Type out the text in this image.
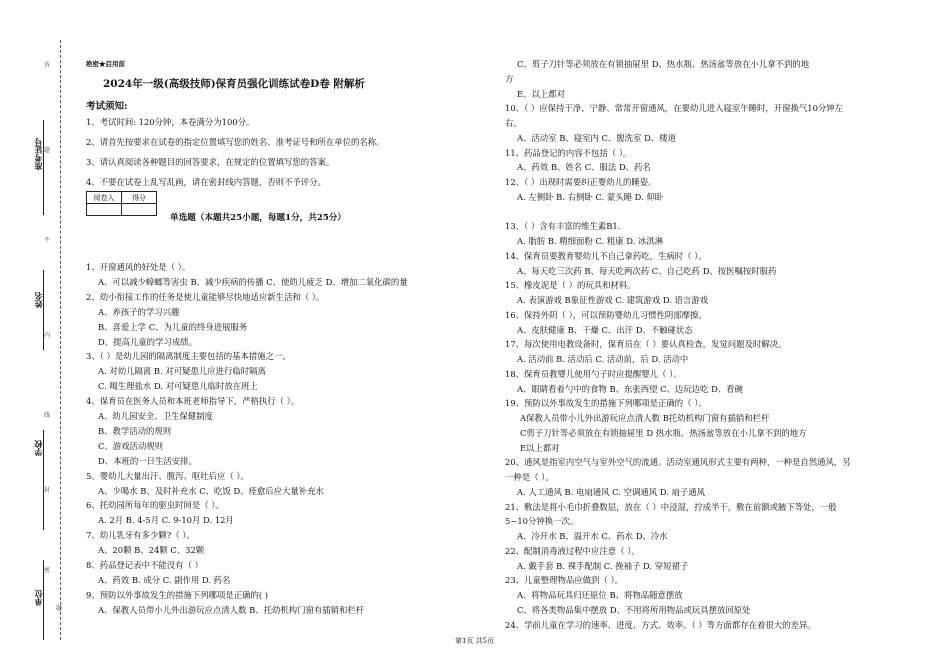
准考证号
姓名
学校
单位
答
题
不
内
线
封
密
题
绝密★启用前
2024年一级(高级技师)保育员强化训练试卷D卷 附解析
考试须知:
1、考试时间: 120分钟，本卷满分为100分。
2、请首先按要求在试卷的指定位置填写您的姓名、准考证号和所在单位的名称。
3、请认真阅读各种题目的回答要求，在规定的位置填写您的答案。
4、不要在试卷上乱写乱画，请在密封线内答题，否则不予评分。
阅卷人	得分

单选题（本题共25小题，每题1分，共25分）
1、开窗通风的好处是（ ）。
A、可以减少蟑螂等害虫 B、减少疾病的传播 C、使幼儿疲乏 D、增加二氧化碳的量
2、幼小衔接工作的任务是使儿童能够尽快地适应新生活和（ ）。
A、养孩子的学习兴趣
B、喜爱上学 C、为儿童的终身进展服务
D、提高儿童的学习成绩。
3、（ ）是幼儿园的隔离制度主要包括的基本措施之一。
A. 对幼儿隔离 B. 对可疑患儿应进行临时隔离
C. 喝生理盐水 D. 对可疑患儿临时放在班上
4、保育员在医务人员和本班老师指导下，严格执行（ ）。
A、幼儿园安全、卫生保健制度
B、教学活动的规则
C、游戏活动规则
D、本班的一日生活安排。
5、婴幼儿大量出汗、腹泻、呕吐后应（ ）。
A、少喝水 B、及时补充水 C、吃饭 D、痊愈后应大量补充水
6、托幼园所每年的驱虫时间是（ ）。
A. 2月 B. 4-5月 C. 9-10月 D. 12月
7、幼儿乳牙有多少颗?（ ）。
A、20颗 B、24颗 C、32颗
8、药品登记表中不能没有（ ）
A、药效 B. 成分 C. 副作用 D. 药名
9、预防以外事故发生的措施下列哪项是正确的( )
A、保教人员带小儿外出游玩应点清人数 B、托幼机构门窗有插销和栏杆
C、剪子刀针等必须放在有锁抽屉里 D、热水瓶、热汤盆等放在小儿拿不到的地
方
E、以上都对
10、（ ）应保持干净、宁静、常常开窗通风，在要幼儿进入寝室午睡时，开窗换气10分钟左
右。
A、活动室 B、寝室内 C、盥洗室 D、楼道
11、药品登记的内容不包括（ ）。
A、药效 B、姓名 C、服法 D、药名
12、（ ）出现时需要纠正婴幼儿的睡姿。
A. 左侧卧 B. 右侧卧 C. 蒙头睡 D. 仰卧
13、（ ）含有丰富的维生素B1.
A. 脂肪 B. 精细面粉 C. 粗康 D. 冰淇淋
14、保育员要教育婴幼儿不自己拿药吃，生病时（ ）。
A、每天吃三次药 B、每天吃两次药 C、自己吃药 D、按医嘱按时服药
15、橡皮泥是（ ）的玩具和材料。
A. 表演游戏 B象征性游戏 C. 建筑游戏 D. 语言游戏
16、保持外阴（ ），可以预防婴幼儿习惯性阴部摩擦。
A、皮肤健康 B、干燥 C、出汗 D、不触碰状态
17、每次使用电教设备时，保育员在（ ）要认真检查，发觉问题及时解决。
A. 活动前 B. 活动后 C. 活动前，后 D. 活动中
18、保育员教婴儿使用勺子时应提醒婴儿（ ）。
A、眼睛看着勺中的食物 B、东张西望 C、边玩边吃 D、看碗
19、预防以外事故发生的措施下列哪项是正确的（ ）。
A保教人员带小儿外出游玩应点清人数 B托幼机构门窗有插销和栏杆
C剪子刀针等必须放在有锁抽屉里 D 热水瓶、热汤盆等放在小儿拿不到的地方
E以上都对
20、通风是指室内空气与室外空气的流通。活动室通风形式主要有两种，一种是自然通风，另
一种是（ ）。
A. 人工通风 B. 电扇通风 C. 空调通风 D. 扇子通风
21、敷法是将小毛巾折叠数层，放在（ ）中浸湿，拧成半干，敷在前额或腋下等处，一般
5~10分钟换一次。
A、冷开水 B、温开水 C、药水 D、冷水
22、配制消毒液过程中应注意（ ）。
A. 戴手套 B. 裸手配制 C. 挽袖子 D. 穿短裙子
23、儿童整理物品应做到（ ）。
A、将物品玩具归还原位 B、将物品随意摆放
C、将各类物品集中摆放 D、不用将所用物品或玩具摆放回原处
24、学前儿童在学习的速率、进度、方式、效率、（ ）等方面都存在着很大的差异。
第1页 共5页
